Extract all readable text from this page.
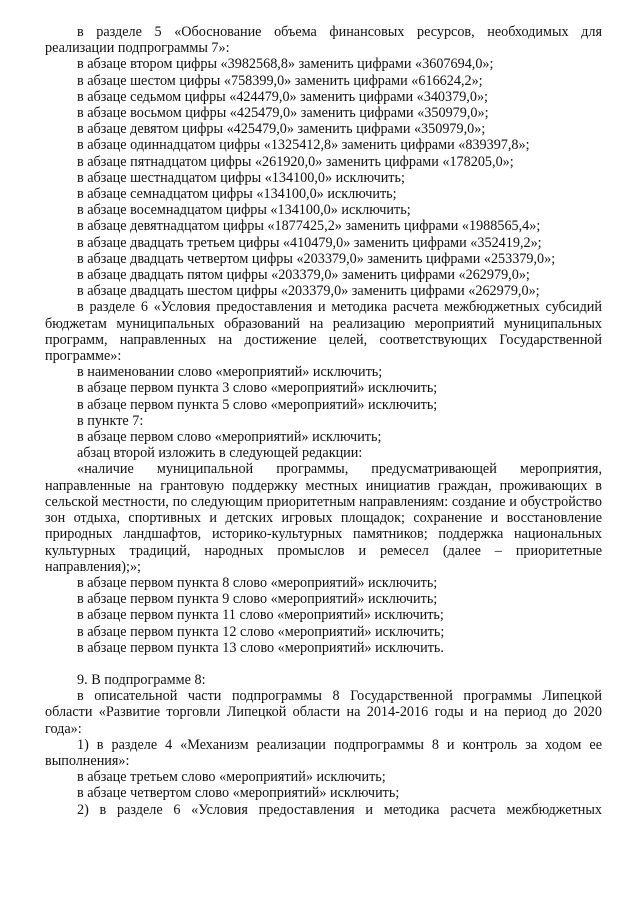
в разделе 5 «Обоснование объема финансовых ресурсов, необходимых для реализации подпрограммы 7»:

в абзаце втором цифры «3982568,8» заменить цифрами «3607694,0»;

в абзаце шестом цифры «758399,0» заменить цифрами «616624,2»;

в абзаце седьмом цифры «424479,0» заменить цифрами «340379,0»;

в абзаце восьмом цифры «425479,0» заменить цифрами «350979,0»;

в абзаце девятом цифры «425479,0» заменить цифрами «350979,0»;

в абзаце одиннадцатом цифры «1325412,8» заменить цифрами «839397,8»;

в абзаце пятнадцатом цифры «261920,0» заменить цифрами «178205,0»;

в абзаце шестнадцатом цифры «134100,0» исключить;

в абзаце семнадцатом цифры «134100,0» исключить;

в абзаце восемнадцатом цифры «134100,0» исключить;

в абзаце девятнадцатом цифры «1877425,2» заменить цифрами «1988565,4»;

в абзаце двадцать третьем цифры «410479,0» заменить цифрами «352419,2»;

в абзаце двадцать четвертом цифры «203379,0» заменить цифрами «253379,0»;

в абзаце двадцать пятом цифры «203379,0» заменить цифрами «262979,0»;

в абзаце двадцать шестом цифры «203379,0» заменить цифрами «262979,0»;

в разделе 6 «Условия предоставления и методика расчета межбюджетных субсидий бюджетам муниципальных образований на реализацию мероприятий муниципальных программ, направленных на достижение целей, соответствующих Государственной программе»:

в наименовании слово «мероприятий» исключить;

в абзаце первом пункта 3 слово «мероприятий» исключить;

в абзаце первом пункта 5 слово «мероприятий» исключить;

в пункте 7:

в абзаце первом слово «мероприятий» исключить;

абзац второй изложить в следующей редакции:

«наличие муниципальной программы, предусматривающей мероприятия, направленные на грантовую поддержку местных инициатив граждан, проживающих в сельской местности, по следующим приоритетным направлениям: создание и обустройство зон отдыха, спортивных и детских игровых площадок; сохранение и восстановление природных ландшафтов, историко-культурных памятников; поддержка национальных культурных традиций, народных промыслов и ремесел (далее – приоритетные направления);»;

в абзаце первом пункта 8 слово «мероприятий» исключить;

в абзаце первом пункта 9 слово «мероприятий» исключить;

в абзаце первом пункта 11 слово «мероприятий» исключить;

в абзаце первом пункта 12 слово «мероприятий» исключить;

в абзаце первом пункта 13 слово «мероприятий» исключить.

9. В подпрограмме 8:

в описательной части подпрограммы 8 Государственной программы Липецкой области «Развитие торговли Липецкой области на 2014-2016 годы и на период до 2020 года»:

1) в разделе 4 «Механизм реализации подпрограммы 8 и контроль за ходом ее выполнения»:

в абзаце третьем слово «мероприятий» исключить;

в абзаце четвертом слово «мероприятий» исключить;

2) в разделе 6 «Условия предоставления и методика расчета межбюджетных
